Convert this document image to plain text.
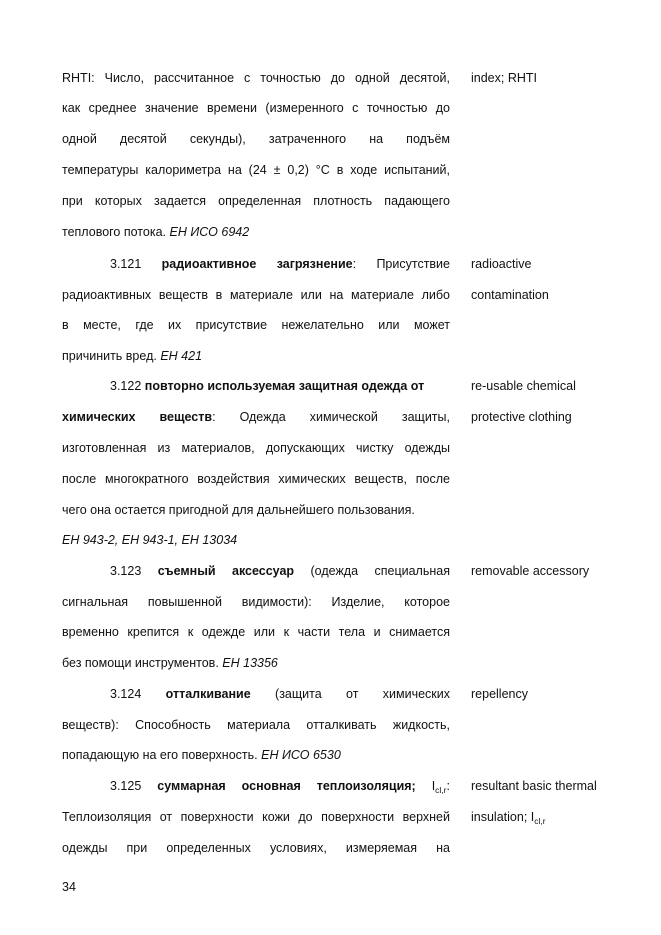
RHTI: Число, рассчитанное с точностью до одной десятой, index; RHTI
как среднее значение времени (измеренного с точностью до
одной десятой секунды), затраченного на подъём
температуры калориметра на (24 ± 0,2) °C в ходе испытаний,
при которых задается определенная плотность падающего
теплового потока. ЕН ИСО 6942
3.121 радиоактивное загрязнение: Присутствие radioactive
contamination
радиоактивных веществ в материале или на материале либо
в месте, где их присутствие нежелательно или может
причинить вред. ЕН 421
3.122 повторно используемая защитная одежда от	re-usable chemical
химических веществ: Одежда химической защиты, protective clothing
изготовленная из материалов, допускающих чистку одежды
после многократного воздействия химических веществ, после
чего она остается пригодной для дальнейшего пользования.
ЕН 943-2, ЕН 943-1, ЕН 13034
3.123 съемный аксессуар (одежда специальная removable accessory
сигнальная повышенной видимости): Изделие, которое
временно крепится к одежде или к части тела и снимается
без помощи инструментов. ЕН 13356
3.124 отталкивание (защита от химических repellency
веществ): Способность материала отталкивать жидкость,
попадающую на его поверхность. ЕН ИСО 6530
3.125 суммарная основная теплоизоляция; $I_{cl,r}$: resultant basic thermal
Теплоизоляция от поверхности кожи до поверхности верхней insulation; $I_{cl,r}$
одежды при определенных условиях, измеряемая на
34
